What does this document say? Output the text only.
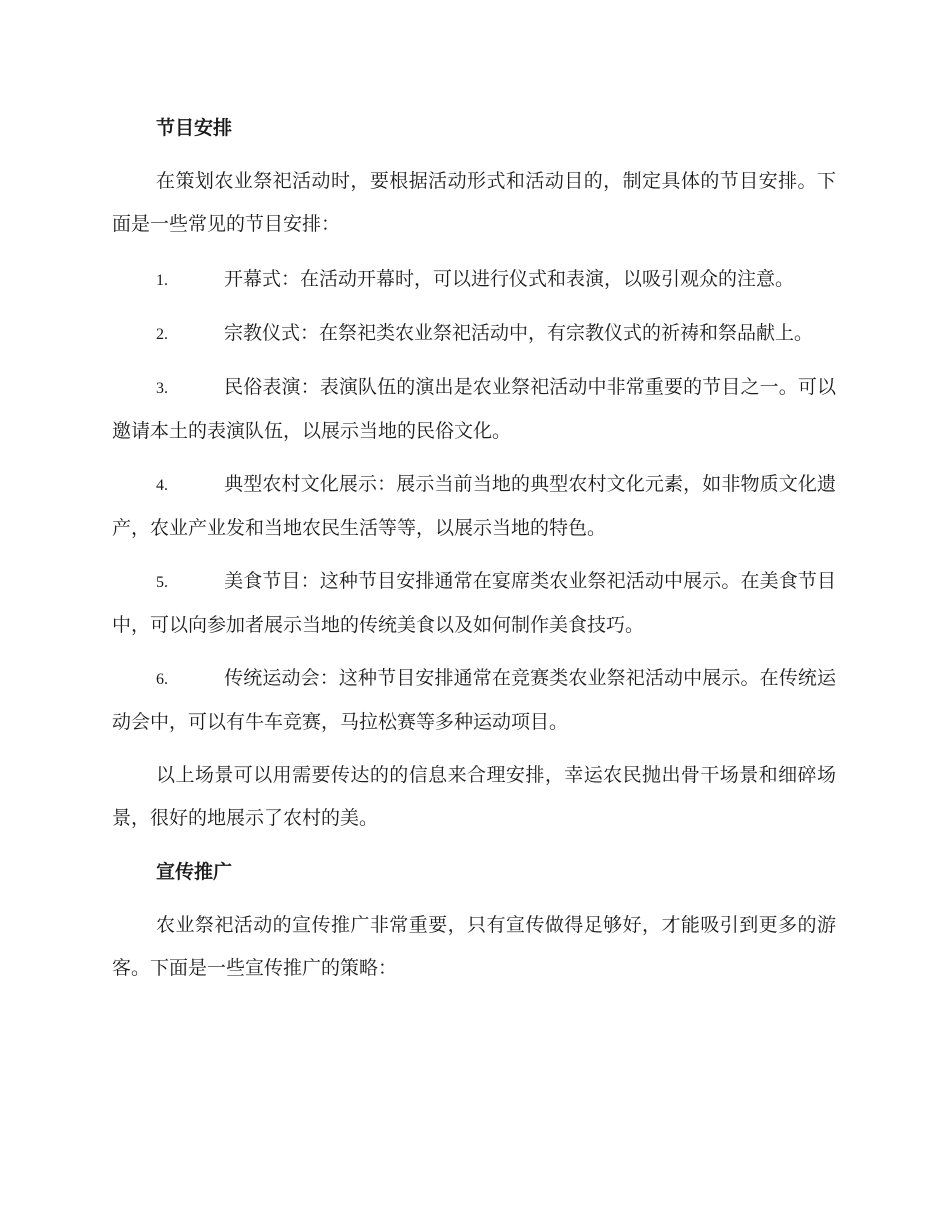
节目安排

在策划农业祭祀活动时，要根据活动形式和活动目的，制定具体的节目安排。下面是一些常见的节目安排：

1.	开幕式：在活动开幕时，可以进行仪式和表演，以吸引观众的注意。

2.	宗教仪式：在祭祀类农业祭祀活动中，有宗教仪式的祈祷和祭品献上。

3.	民俗表演：表演队伍的演出是农业祭祀活动中非常重要的节目之一。可以邀请本土的表演队伍，以展示当地的民俗文化。

4.	典型农村文化展示：展示当前当地的典型农村文化元素，如非物质文化遗产，农业产业发和当地农民生活等等，以展示当地的特色。

5.	美食节目：这种节目安排通常在宴席类农业祭祀活动中展示。在美食节目中，可以向参加者展示当地的传统美食以及如何制作美食技巧。

6.	传统运动会：这种节目安排通常在竞赛类农业祭祀活动中展示。在传统运动会中，可以有牛车竞赛，马拉松赛等多种运动项目。

以上场景可以用需要传达的的信息来合理安排，幸运农民抛出骨干场景和细碎场景，很好的地展示了农村的美。

宣传推广

农业祭祀活动的宣传推广非常重要，只有宣传做得足够好，才能吸引到更多的游客。下面是一些宣传推广的策略：
